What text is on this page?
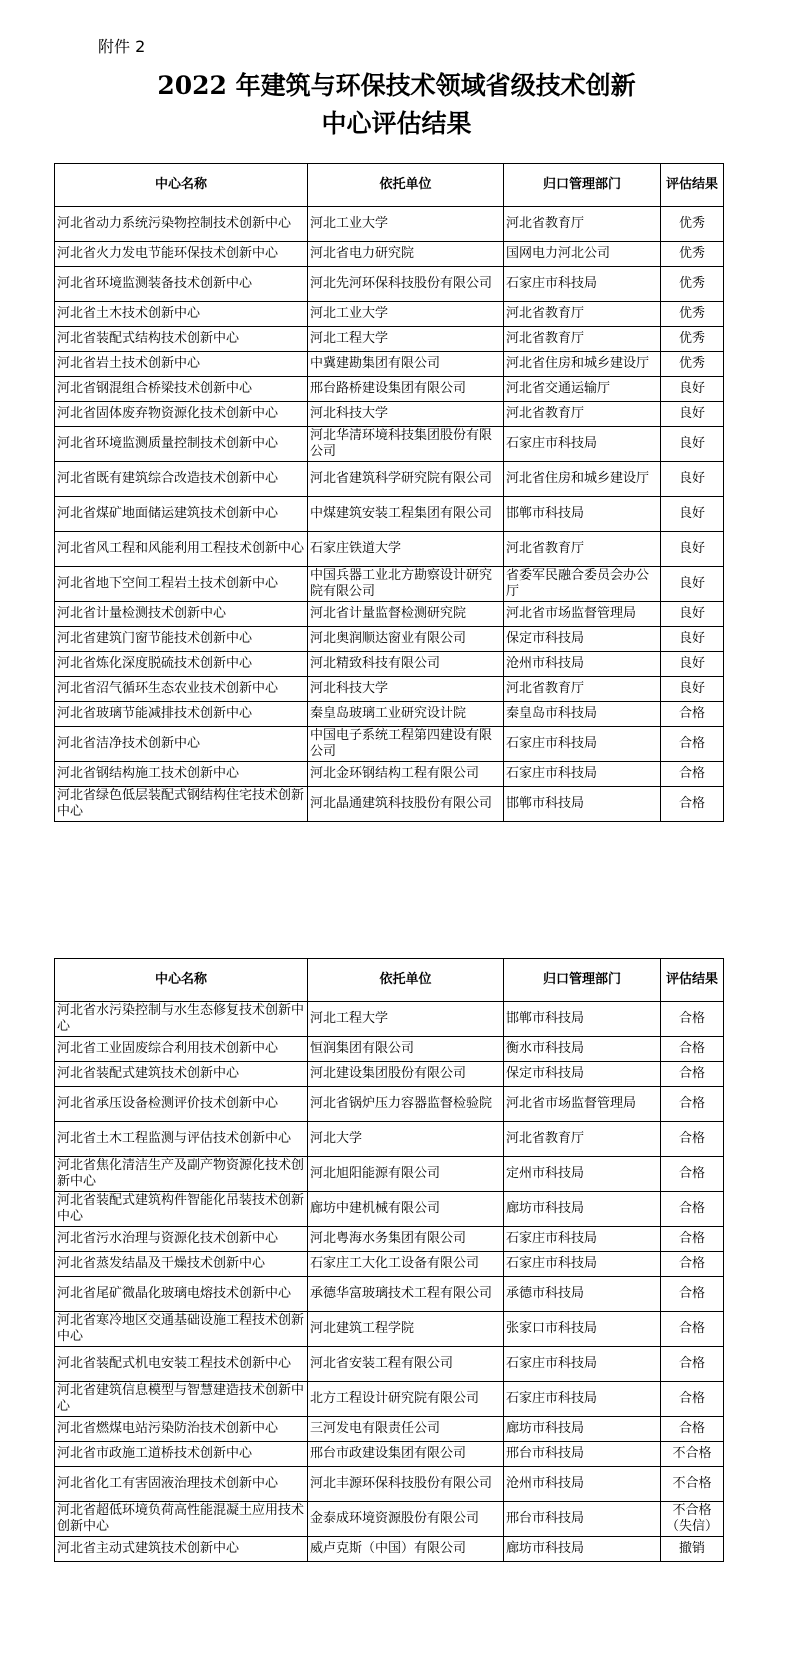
附件 2
2022 年建筑与环保技术领域省级技术创新
中心评估结果
中心名称	依托单位	归口管理部门	评估结果
河北省动力系统污染物控制技术创新中心	河北工业大学	河北省教育厅	优秀
河北省火力发电节能环保技术创新中心	河北省电力研究院	国网电力河北公司	优秀
河北省环境监测装备技术创新中心	河北先河环保科技股份有限公司	石家庄市科技局	优秀
河北省土木技术创新中心	河北工业大学	河北省教育厅	优秀
河北省装配式结构技术创新中心	河北工程大学	河北省教育厅	优秀
河北省岩土技术创新中心	中冀建勘集团有限公司	河北省住房和城乡建设厅	优秀
河北省钢混组合桥梁技术创新中心	邢台路桥建设集团有限公司	河北省交通运输厅	良好
河北省固体废弃物资源化技术创新中心	河北科技大学	河北省教育厅	良好
河北省环境监测质量控制技术创新中心	河北华清环境科技集团股份有限公司	石家庄市科技局	良好
河北省既有建筑综合改造技术创新中心	河北省建筑科学研究院有限公司	河北省住房和城乡建设厅	良好
河北省煤矿地面储运建筑技术创新中心	中煤建筑安装工程集团有限公司	邯郸市科技局	良好
河北省风工程和风能利用工程技术创新中心	石家庄铁道大学	河北省教育厅	良好
河北省地下空间工程岩土技术创新中心	中国兵器工业北方勘察设计研究院有限公司	省委军民融合委员会办公厅	良好
河北省计量检测技术创新中心	河北省计量监督检测研究院	河北省市场监督管理局	良好
河北省建筑门窗节能技术创新中心	河北奥润顺达窗业有限公司	保定市科技局	良好
河北省炼化深度脱硫技术创新中心	河北精致科技有限公司	沧州市科技局	良好
河北省沼气循环生态农业技术创新中心	河北科技大学	河北省教育厅	良好
河北省玻璃节能减排技术创新中心	秦皇岛玻璃工业研究设计院	秦皇岛市科技局	合格
河北省洁净技术创新中心	中国电子系统工程第四建设有限公司	石家庄市科技局	合格
河北省钢结构施工技术创新中心	河北金环钢结构工程有限公司	石家庄市科技局	合格
河北省绿色低层装配式钢结构住宅技术创新中心	河北晶通建筑科技股份有限公司	邯郸市科技局	合格
中心名称	依托单位	归口管理部门	评估结果
河北省水污染控制与水生态修复技术创新中心	河北工程大学	邯郸市科技局	合格
河北省工业固废综合利用技术创新中心	恒润集团有限公司	衡水市科技局	合格
河北省装配式建筑技术创新中心	河北建设集团股份有限公司	保定市科技局	合格
河北省承压设备检测评价技术创新中心	河北省锅炉压力容器监督检验院	河北省市场监督管理局	合格
河北省土木工程监测与评估技术创新中心	河北大学	河北省教育厅	合格
河北省焦化清洁生产及副产物资源化技术创新中心	河北旭阳能源有限公司	定州市科技局	合格
河北省装配式建筑构件智能化吊装技术创新中心	廊坊中建机械有限公司	廊坊市科技局	合格
河北省污水治理与资源化技术创新中心	河北粤海水务集团有限公司	石家庄市科技局	合格
河北省蒸发结晶及干燥技术创新中心	石家庄工大化工设备有限公司	石家庄市科技局	合格
河北省尾矿微晶化玻璃电熔技术创新中心	承德华富玻璃技术工程有限公司	承德市科技局	合格
河北省寒冷地区交通基础设施工程技术创新中心	河北建筑工程学院	张家口市科技局	合格
河北省装配式机电安装工程技术创新中心	河北省安装工程有限公司	石家庄市科技局	合格
河北省建筑信息模型与智慧建造技术创新中心	北方工程设计研究院有限公司	石家庄市科技局	合格
河北省燃煤电站污染防治技术创新中心	三河发电有限责任公司	廊坊市科技局	合格
河北省市政施工道桥技术创新中心	邢台市政建设集团有限公司	邢台市科技局	不合格
河北省化工有害固液治理技术创新中心	河北丰源环保科技股份有限公司	沧州市科技局	不合格
河北省超低环境负荷高性能混凝土应用技术创新中心	金泰成环境资源股份有限公司	邢台市科技局	不合格（失信）
河北省主动式建筑技术创新中心	威卢克斯（中国）有限公司	廊坊市科技局	撤销
